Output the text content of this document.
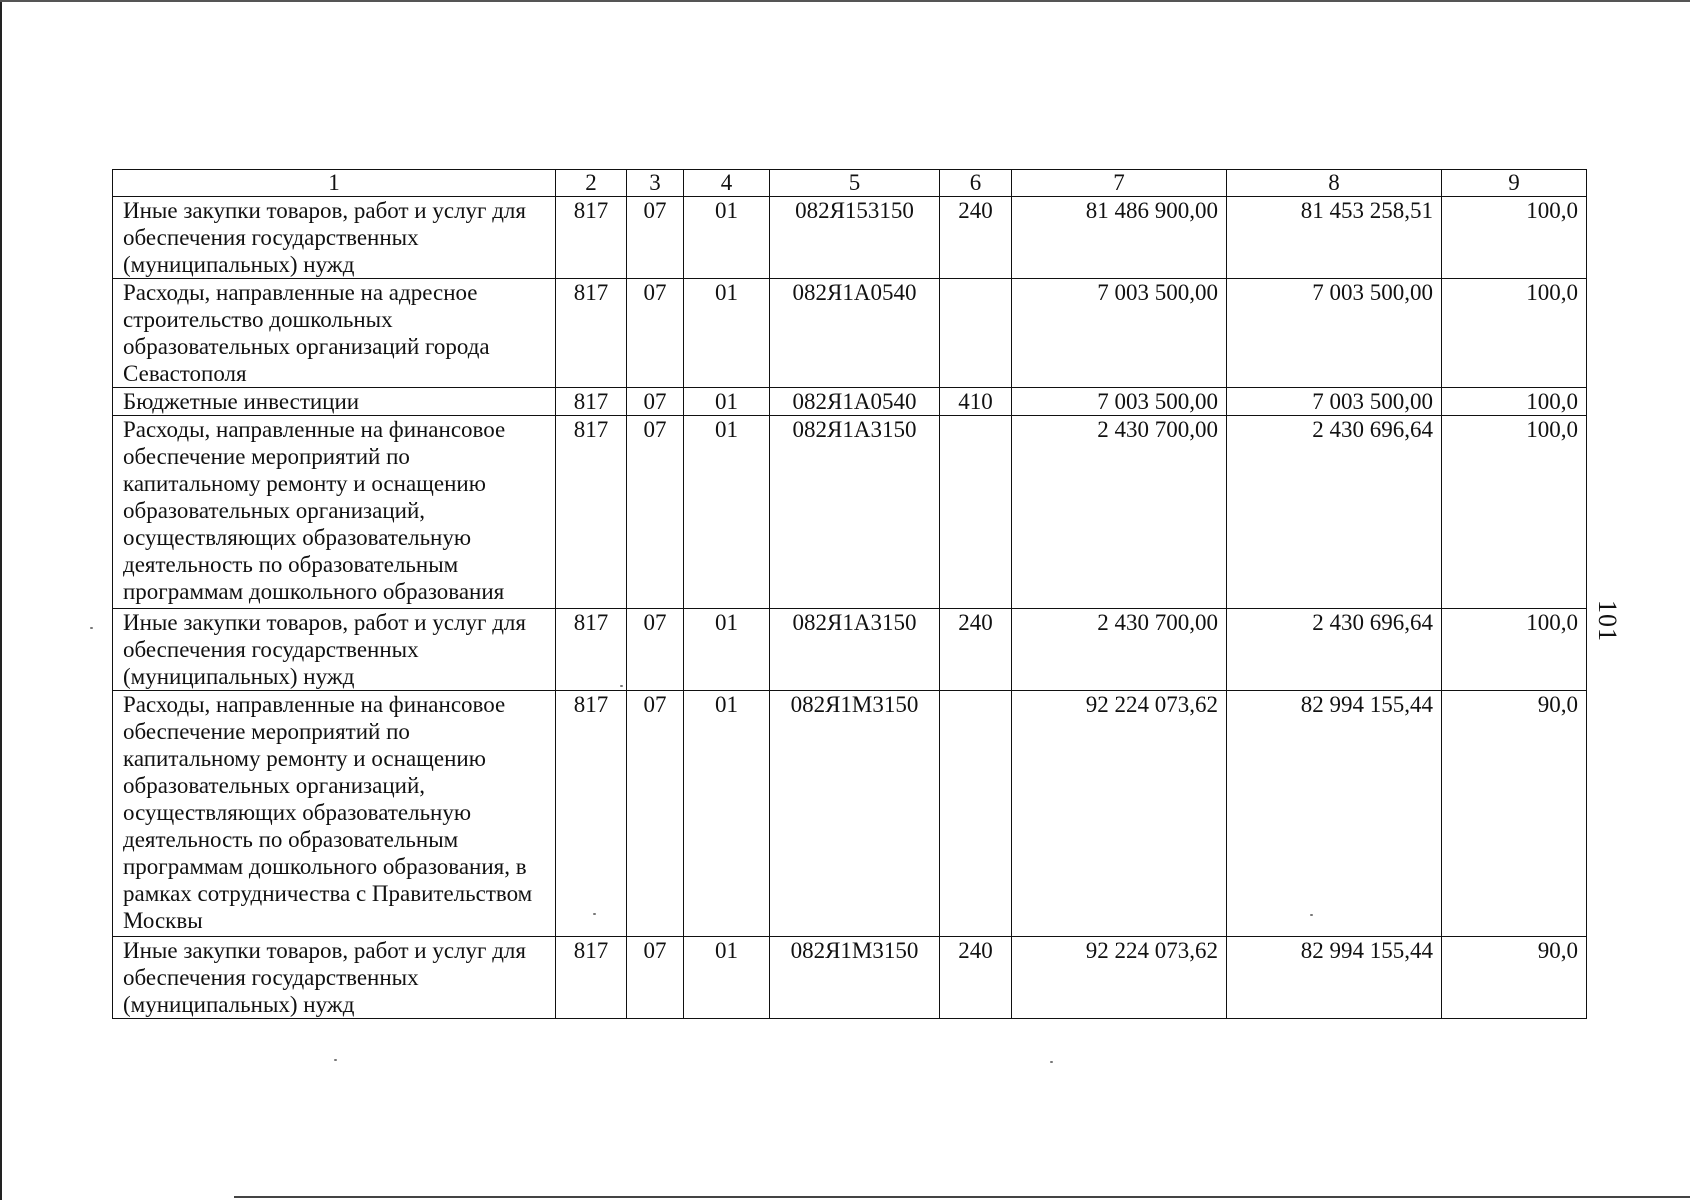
1	2	3	4	5	6	7	8	9
Иные закупки товаров, работ и услуг для обеспечения государственных (муниципальных) нужд	817	07	01	082Я153150	240	81 486 900,00	81 453 258,51	100,0
Расходы, направленные на адресное строительство дошкольных образовательных организаций города Севастополя	817	07	01	082Я1А0540		7 003 500,00	7 003 500,00	100,0
Бюджетные инвестиции	817	07	01	082Я1А0540	410	7 003 500,00	7 003 500,00	100,0
Расходы, направленные на финансовое обеспечение мероприятий по капитальному ремонту и оснащению образовательных организаций, осуществляющих образовательную деятельность по образовательным программам дошкольного образования	817	07	01	082Я1А3150		2 430 700,00	2 430 696,64	100,0
Иные закупки товаров, работ и услуг для обеспечения государственных (муниципальных) нужд	817	07	01	082Я1А3150	240	2 430 700,00	2 430 696,64	100,0
Расходы, направленные на финансовое обеспечение мероприятий по капитальному ремонту и оснащению образовательных организаций, осуществляющих образовательную деятельность по образовательным программам дошкольного образования, в рамках сотрудничества с Правительством Москвы	817	07	01	082Я1М3150		92 224 073,62	82 994 155,44	90,0
Иные закупки товаров, работ и услуг для обеспечения государственных (муниципальных) нужд	817	07	01	082Я1М3150	240	92 224 073,62	82 994 155,44	90,0
101
